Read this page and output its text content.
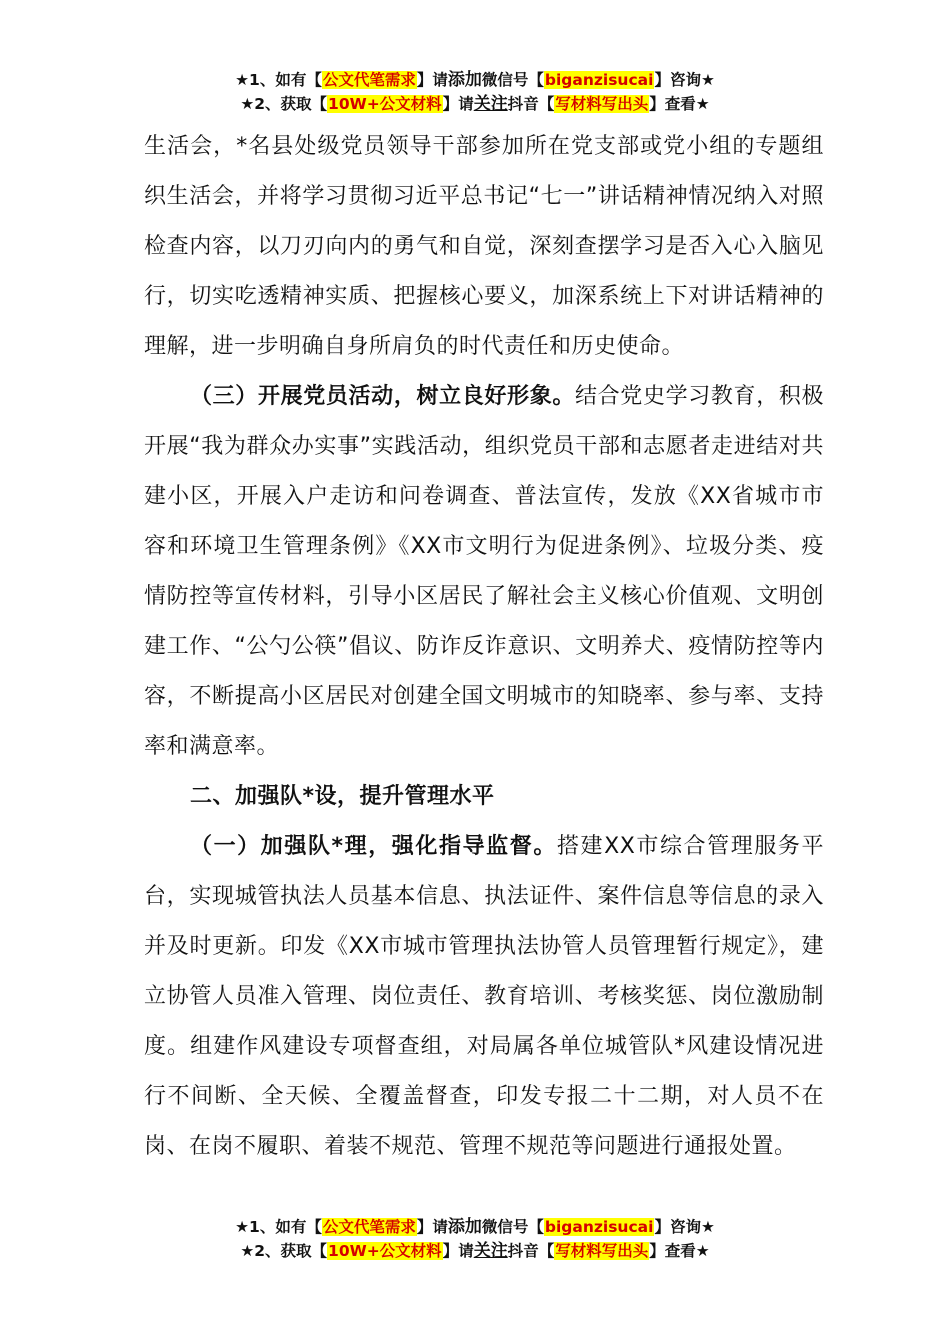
★1、如有【公文代笔需求】请添加微信号【biganzisucai】咨询★
★2、获取【10W+公文材料】请关注抖音【写材料写出头】查看★

生活会，*名县处级党员领导干部参加所在党支部或党小组的专题组织生活会，并将学习贯彻习近平总书记“七一”讲话精神情况纳入对照检查内容，以刀刃向内的勇气和自觉，深刻查摆学习是否入心入脑见行，切实吃透精神实质、把握核心要义，加深系统上下对讲话精神的理解，进一步明确自身所肩负的时代责任和历史使命。

（三）开展党员活动，树立良好形象。结合党史学习教育，积极开展“我为群众办实事”实践活动，组织党员干部和志愿者走进结对共建小区，开展入户走访和问卷调查、普法宣传，发放《XX省城市市容和环境卫生管理条例》《XX市文明行为促进条例》、垃圾分类、疫情防控等宣传材料，引导小区居民了解社会主义核心价值观、文明创建工作、“公勺公筷”倡议、防诈反诈意识、文明养犬、疫情防控等内容，不断提高小区居民对创建全国文明城市的知晓率、参与率、支持率和满意率。

二、加强队*设，提升管理水平

（一）加强队*理，强化指导监督。搭建XX市综合管理服务平台，实现城管执法人员基本信息、执法证件、案件信息等信息的录入并及时更新。印发《XX市城市管理执法协管人员管理暂行规定》，建立协管人员准入管理、岗位责任、教育培训、考核奖惩、岗位激励制度。组建作风建设专项督查组，对局属各单位城管队*风建设情况进行不间断、全天候、全覆盖督查，印发专报二十二期，对人员不在岗、在岗不履职、着装不规范、管理不规范等问题进行通报处置。

★1、如有【公文代笔需求】请添加微信号【biganzisucai】咨询★
★2、获取【10W+公文材料】请关注抖音【写材料写出头】查看★
